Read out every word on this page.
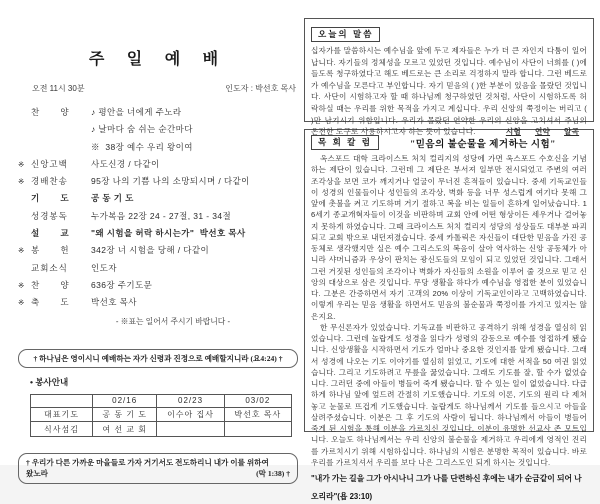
주 일 예 배
오전 11시 30분	인도자 : 박선호 목사
찬      양	♪ 평안을 너에게 주노라
♪ 날마다 숨 쉬는 순간마다
※  38장 예수 우리 왕이여
※ 신앙고백	사도신경 / 다같이
※ 경배찬송	95장 나의 기쁨 나의 소망되시며 / 다같이
기      도	공 동 기 도
성경봉독	누가복음 22장 24 - 27절, 31 - 34절
설      교	"왜 시험을 허락 하시는가"  박선호 목사
※ 봉      헌	342장 너 시험을 당해 / 다같이
교회소식	인도자
※ 찬      양	636장 주기도문
※ 축      도	박선호 목사
- ※표는 일어서 주시기 바랍니다 -
† 하나님은 영이시니 예배하는 자가 신령과 진정으로 예배할지니라 (요4:24) †
• 봉사안내
	02/16	02/23	03/02
대표기도	공 동 기 도	이수아 집사	박선호 목사
식사섬김	여 선 교 회		
† 우리가 다른 가까운 마을들로 가자 거기서도 전도하리니 내가 이를 위하여
왔노라	(막 1:38) †
오늘의 말씀
십자가를 말씀하시는 예수님을 앞에 두고 제자들은 누가 더 큰 자인지 다툼이 일어납니다. 자기들의 정체성을 모르고 있었던 것입니다. 예수님이 사단이 너희를 ( )에 들도록 청구하였다고 해도 베드로는 큰 소리로 걱정하지 말라 합니다. 그런 베드로가 예수님을 모른다고 부인합니다. 자기 믿음의 ( )한 부분이 있음을 몰랐던 것입니다. 사단이 시험하고자 할 때 하나님께 청구하였던 것처럼, 사단이 시험하도록 허락하실 때는 우리를 위한 목적을 가지고 계십니다. 우리 신앙의 쭉정이는 버리고 ( )만 남기시기 위함입니다. 우리가 몰랐던 연약한 우리의 신앙을 고치셔서 주님의 온전한 도구로 사용하시고자 하는 뜻이 있습니다.	시험 연약 알곡
목 회 칼 럼	"믿음의 불순물을 제거하는 시험"

옥스포드 대학 크라이스트 처치 컬리지의 성당에 가면 옥스포드 수호신을 기념하는 제단이 있습니다. 그런데 그 제단은 부서져 일부만 전시되었고 주변의 여러 조각상을 보면 코가 깨지거나 얼굴이 무너진 흔적들이 있습니다. 중세 기독교인들이 성경의 인물들이나 성인들의 조각상, 벽화 등을 너무 성스럽게 여기다 못해 그 앞에 촛불을 켜고 기도하며 거기 절하고 복을 비는 일들이 흔하게 일어났습니다. 16세기 종교개혁자들이 이것을 비판하며 교회 안에 어떤 형상이든 세우거나 걸어놓지 못하게 하였습니다. 그때 크라이스트 처치 컬리지 성당의 성상들도 대부분 파괴되고 교회 밖으로 내던져졌습니다. 중세 카톨릭은 자신들이 대단한 믿음을 가진 공동체로 생각했지만 실은 예수 그리스도의 복음이 살아 역사하는 신앙 공동체가 아니라 샤머니즘과 우상이 판치는 광신도들의 모임이 되고 있었던 것입니다. 그래서 그런 거짓된 성인들의 조각이나 벽화가 자신들의 소원을 이루어 줄 것으로 믿고 신앙의 대상으로 삼은 것입니다. 무당 생활을 하다가 예수님을 영접한 분이 있었습니다. 그분은 간증하면서 자기 고객의 20% 이상이 기독교인이라고 고백하였습니다. 이렇게 우리는 믿음 생활을 하면서도 믿음의 불순물과 쭉정이를 가지고 있지는 않은지요.

한 무신론자가 있었습니다. 기독교를 비판하고 공격하기 위해 성경을 열심히 읽었습니다. 그런데 놀랍게도 성경을 읽다가 성령의 감동으로 예수를 영접하게 됐습니다. 신앙생활을 시작하면서 기도가 얼마나 중요한 것인지를 알게 됐습니다. 그래서 성경에 나오는 기도 이야기를 열심히 읽었고, 기도에 대한 서적을 50 여권 읽었습니다. 그리고 기도하려고 무릎을 꿇었습니다. 그래도 기도를 잘, 할 수가 없었습니다. 그러던 중에 아들이 병들어 죽게 됐습니다. 할 수 있는 일이 없었습니다. 다급하게 하나님 앞에 엎드려 간절히 기도했습니다. 기도의 이론, 기도의 원리 다 제쳐놓고 눈물로 뜨겁게 기도했습니다. 놀랍게도 하나님께서 기도를 들으시고 아들을 살려주셨습니다. 이분은 그 후 기도의 사람이 됩니다. 하나님께서 아들이 병들어 죽게 된 시험을 통해 이분을 가르치신 것입니다. 이분이 유명한 선교사 존 모트입니다. 오늘도 하나님께서는 우리 신앙의 불순물을 제거하고 우리에게 영적인 진리를 가르치시기 위해 시험하십니다. 하나님의 시험은 분명한 목적이 있습니다. 바로 우리를 가르치셔서 우리를 보다 나은 그리스도인 되게 하시는 것입니다.

"내가 가는 길을 그가 아시나니 그가 나를 단련하신 후에는 내가 순금같이 되어 나오리라"(욥 23:10)
